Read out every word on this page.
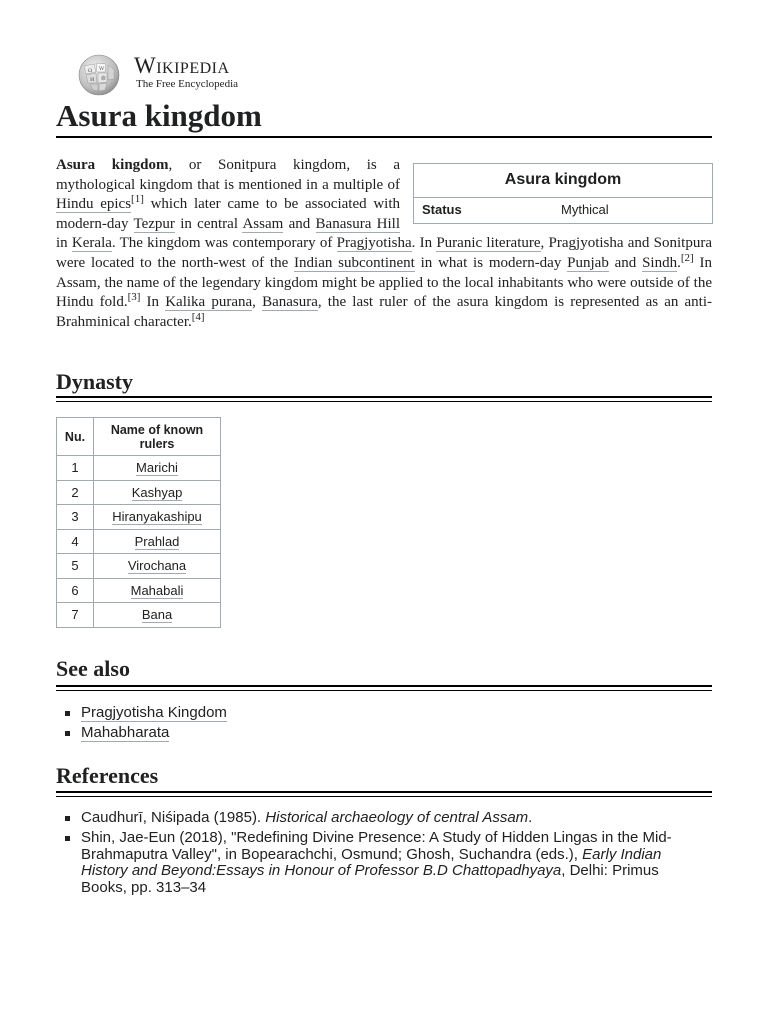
Ω W
И 維
Wikipedia
The Free Encyclopedia
Asura kingdom
Asura kingdom, or Sonitpura kingdom, is a mythological kingdom that is mentioned in a multiple of Hindu epics[1] which later came to be associated with modern-day Tezpur in central Assam and Banasura Hill in Kerala. The kingdom was contemporary of Pragjyotisha. In Puranic literature, Pragjyotisha and Sonitpura were located to the north-west of the Indian subcontinent in what is modern-day Punjab and Sindh.[2] In Assam, the name of the legendary kingdom might be applied to the local inhabitants who were outside of the Hindu fold.[3] In Kalika purana, Banasura, the last ruler of the asura kingdom is represented as an anti-Brahminical character.[4]
Asura kingdom
Status	Mythical
Dynasty
Nu.	Name of known rulers
1	Marichi
2	Kashyap
3	Hiranyakashipu
4	Prahlad
5	Virochana
6	Mahabali
7	Bana
See also
Pragjyotisha Kingdom
Mahabharata
References
Caudhurī, Niśipada (1985). Historical archaeology of central Assam.
Shin, Jae-Eun (2018), "Redefining Divine Presence: A Study of Hidden Lingas in the Mid-Brahmaputra Valley", in Bopearachchi, Osmund; Ghosh, Suchandra (eds.), Early Indian History and Beyond:Essays in Honour of Professor B.D Chattopadhyaya, Delhi: Primus Books, pp. 313–34
